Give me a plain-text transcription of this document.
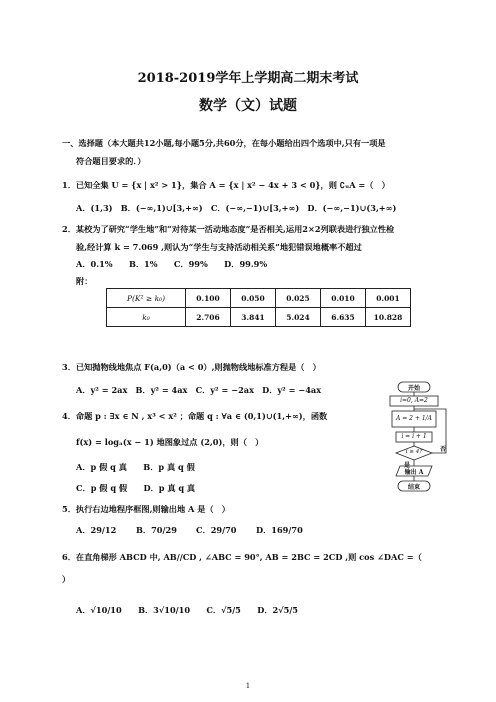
2018-2019学年上学期高二期末考试
数学（文）试题
一、选择题（本大题共12小题,每小题5分,共60分，在每小题给出四个选项中,只有一项是
符合题目要求的．）
1．已知全集 U = {x | x² > 1}，集合 A = {x | x² − 4x + 3 < 0}，则 ∁ᵤA =（　）
A．(1,3)　B．(−∞,1)∪[3,+∞)　C．(−∞,−1)∪[3,+∞)　D．(−∞,−1)∪(3,+∞)
2．某校为了研究“学生地”和“对待某一活动地态度”是否相关,运用2×2列联表进行独立性检
验,经计算 k = 7.069 ,则认为“学生与支持活动相关系”地犯错误地概率不超过
A．0.1%　　B．1%　　C．99%　　D．99.9%
附：
P(K² ≥ k₀)	0.100	0.050	0.025	0.010	0.001
k₀	2.706	3.841	5.024	6.635	10.828
3．已知抛物线地焦点 F(a,0)（a < 0）,则抛物线地标准方程是（　）
A．y² = 2ax　B．y² = 4ax　C．y² = −2ax　D．y² = −4ax
4．命题 p : ∃x ∈ N , x³ < x² ；命题 q : ∀a ∈ (0,1)∪(1,+∞)，函数
f(x) = logₐ(x − 1) 地图象过点 (2,0)，则（　）
A．p 假 q 真　　B．p 真 q 假
C．p 假 q 假　　D．p 真 q 真
5．执行右边地程序框图,则输出地 A 是（　）
A．29/12 B．70/29 C．29/70 D．169/70
6．在直角梯形 ABCD 中, AB//CD , ∠ABC = 90°, AB = 2BC = 2CD ,则 cos ∠DAC =（
）
A．√10/10　　B．3√10/10　　C．√5/5　　D．2√5/5
开始
i=0, A=2
A = 2 + 1/A
i = i + 1
i ≥ 4?	否
是
输出 A
结束
1
